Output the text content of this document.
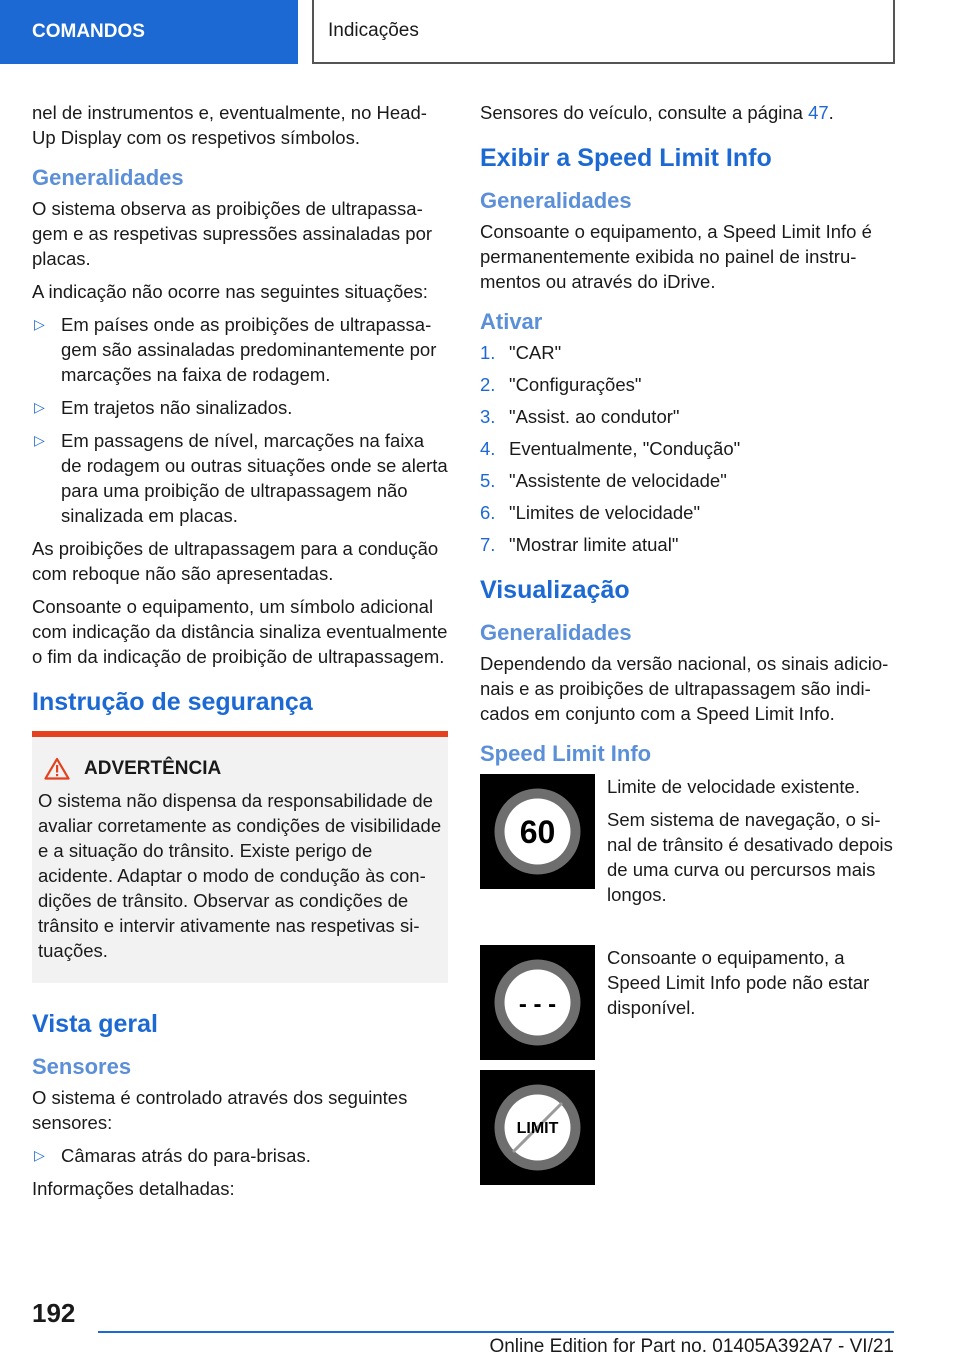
COMANDOS	Indicações

nel de instrumentos e, eventualmente, no Head-Up Display com os respetivos símbolos.

Generalidades

O sistema observa as proibições de ultrapassagem e as respetivas supressões assinaladas por placas.

A indicação não ocorre nas seguintes situações:

▷ Em países onde as proibições de ultrapassagem são assinaladas predominantemente por marcações na faixa de rodagem.
▷ Em trajetos não sinalizados.
▷ Em passagens de nível, marcações na faixa de rodagem ou outras situações onde se alerta para uma proibição de ultrapassagem não sinalizada em placas.

As proibições de ultrapassagem para a condução com reboque não são apresentadas.

Consoante o equipamento, um símbolo adicional com indicação da distância sinaliza eventualmente o fim da indicação de proibição de ultrapassagem.

Instrução de segurança
ADVERTÊNCIA

O sistema não dispensa da responsabilidade de avaliar corretamente as condições de visibilidade e a situação do trânsito. Existe perigo de acidente. Adaptar o modo de condução às condições de trânsito. Observar as condições de trânsito e intervir ativamente nas respetivas situações.

Vista geral
Sensores

O sistema é controlado através dos seguintes sensores:

▷ Câmaras atrás do para-brisas.

Informações detalhadas:

Sensores do veículo, consulte a página 47.

Exibir a Speed Limit Info
Generalidades

Consoante o equipamento, a Speed Limit Info é permanentemente exibida no painel de instrumentos ou através do iDrive.

Ativar
1. "CAR"
2. "Configurações"
3. "Assist. ao condutor"
4. Eventualmente, "Condução"
5. "Assistente de velocidade"
6. "Limites de velocidade"
7. "Mostrar limite atual"
Visualização
Generalidades

Dependendo da versão nacional, os sinais adicionais e as proibições de ultrapassagem são indicados em conjunto com a Speed Limit Info.

Speed Limit Info
60

Limite de velocidade existente.

Sem sistema de navegação, o sinal de trânsito é desativado depois de uma curva ou percursos mais longos.

- - -

Consoante o equipamento, a Speed Limit Info pode não estar disponível.

LIMIT
192
Online Edition for Part no. 01405A392A7 - VI/21
